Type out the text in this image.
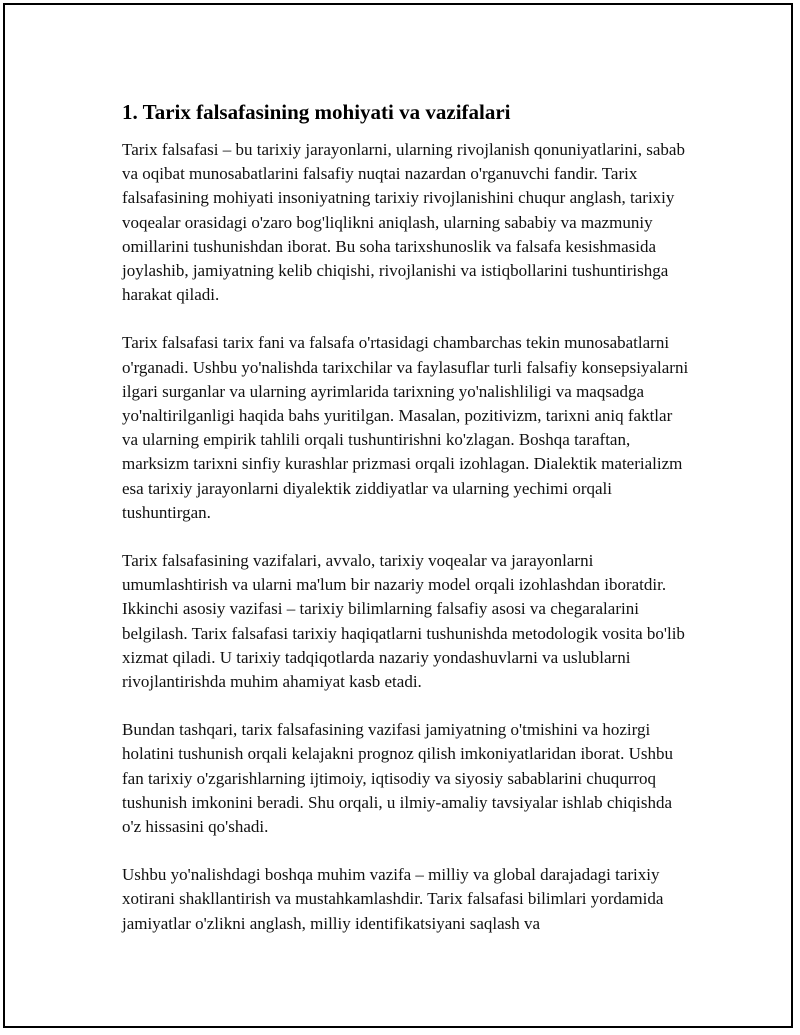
1. Tarix falsafasining mohiyati va vazifalari

Tarix falsafasi – bu tarixiy jarayonlarni, ularning rivojlanish qonuniyatlarini, sabab va oqibat munosabatlarini falsafiy nuqtai nazardan o'rganuvchi fandir. Tarix falsafasining mohiyati insoniyatning tarixiy rivojlanishini chuqur anglash, tarixiy voqealar orasidagi o'zaro bog'liqlikni aniqlash, ularning sababiy va mazmuniy omillarini tushunishdan iborat. Bu soha tarixshunoslik va falsafa kesishmasida joylashib, jamiyatning kelib chiqishi, rivojlanishi va istiqbollarini tushuntirishga harakat qiladi.

Tarix falsafasi tarix fani va falsafa o'rtasidagi chambarchas tekin munosabatlarni o'rganadi. Ushbu yo'nalishda tarixchilar va faylasuflar turli falsafiy konsepsiyalarni ilgari surganlar va ularning ayrimlarida tarixning yo'nalishliligi va maqsadga yo'naltirilganligi haqida bahs yuritilgan. Masalan, pozitivizm, tarixni aniq faktlar va ularning empirik tahlili orqali tushuntirishni ko'zlagan. Boshqa taraftan, marksizm tarixni sinfiy kurashlar prizmasi orqali izohlagan. Dialektik materializm esa tarixiy jarayonlarni diyalektik ziddiyatlar va ularning yechimi orqali tushuntirgan.

Tarix falsafasining vazifalari, avvalo, tarixiy voqealar va jarayonlarni umumlashtirish va ularni ma'lum bir nazariy model orqali izohlashdan iboratdir. Ikkinchi asosiy vazifasi – tarixiy bilimlarning falsafiy asosi va chegaralarini belgilash. Tarix falsafasi tarixiy haqiqatlarni tushunishda metodologik vosita bo'lib xizmat qiladi. U tarixiy tadqiqotlarda nazariy yondashuvlarni va uslublarni rivojlantirishda muhim ahamiyat kasb etadi.

Bundan tashqari, tarix falsafasining vazifasi jamiyatning o'tmishini va hozirgi holatini tushunish orqali kelajakni prognoz qilish imkoniyatlaridan iborat. Ushbu fan tarixiy o'zgarishlarning ijtimoiy, iqtisodiy va siyosiy sabablarini chuqurroq tushunish imkonini beradi. Shu orqali, u ilmiy-amaliy tavsiyalar ishlab chiqishda o'z hissasini qo'shadi.

Ushbu yo'nalishdagi boshqa muhim vazifa – milliy va global darajadagi tarixiy xotirani shakllantirish va mustahkamlashdir. Tarix falsafasi bilimlari yordamida jamiyatlar o'zlikni anglash, milliy identifikatsiyani saqlash va
